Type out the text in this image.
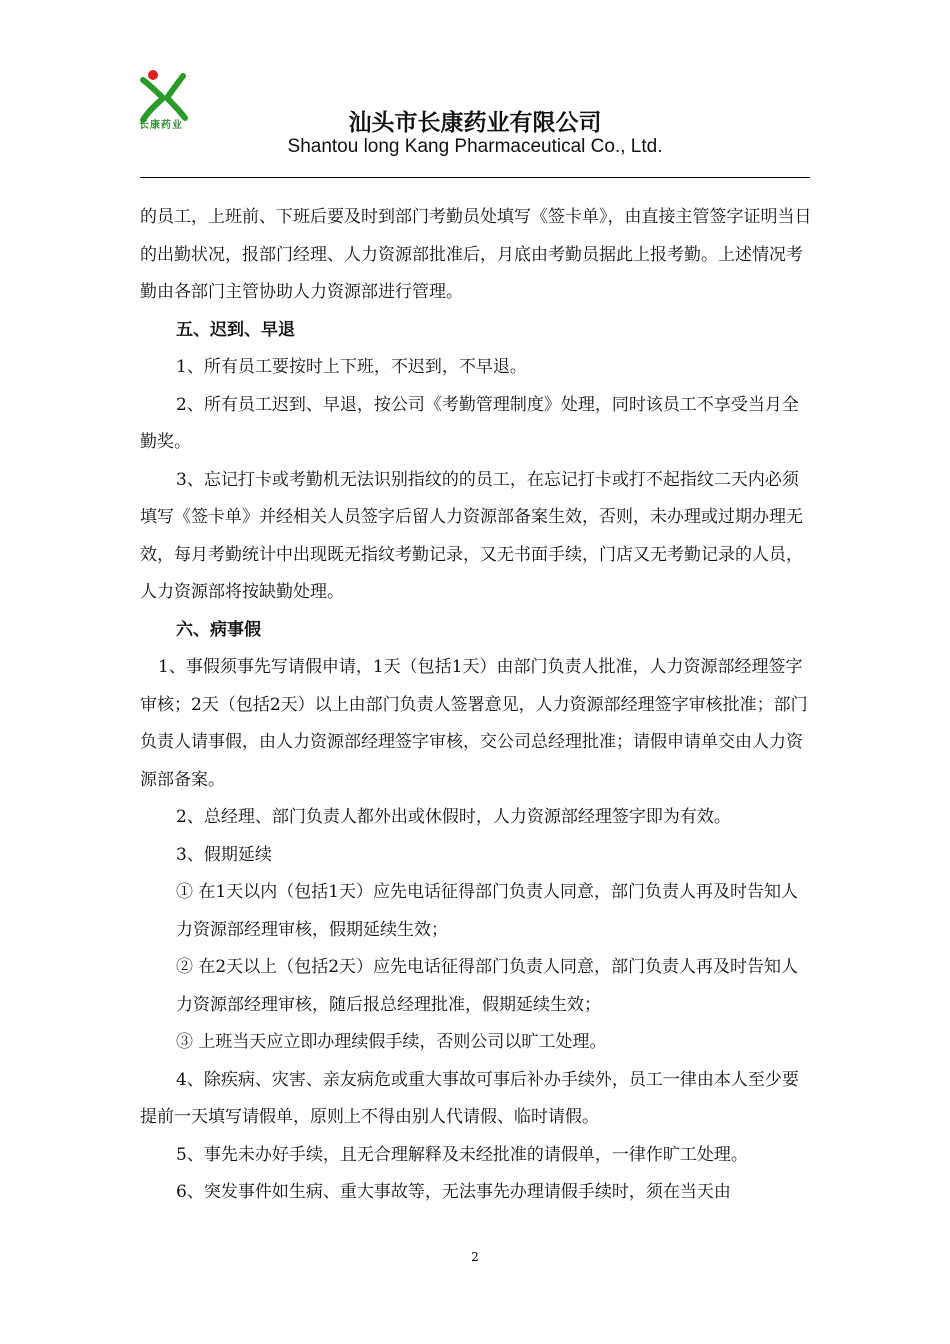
长康药业	汕头市长康药业有限公司
Shantou long Kang Pharmaceutical Co., Ltd.

的员工，上班前、下班后要及时到部门考勤员处填写《签卡单》，由直接主管签字证明当日的出勤状况，报部门经理、人力资源部批准后，月底由考勤员据此上报考勤。上述情况考勤由各部门主管协助人力资源部进行管理。

五、迟到、早退

1、所有员工要按时上下班，不迟到，不早退。

2、所有员工迟到、早退，按公司《考勤管理制度》处理，同时该员工不享受当月全勤奖。

3、忘记打卡或考勤机无法识别指纹的的员工，在忘记打卡或打不起指纹二天内必须填写《签卡单》并经相关人员签字后留人力资源部备案生效，否则，未办理或过期办理无效，每月考勤统计中出现既无指纹考勤记录，又无书面手续，门店又无考勤记录的人员，人力资源部将按缺勤处理。

六、病事假

1、事假须事先写请假申请，1天（包括1天）由部门负责人批准，人力资源部经理签字审核；2天（包括2天）以上由部门负责人签署意见，人力资源部经理签字审核批准；部门负责人请事假，由人力资源部经理签字审核，交公司总经理批准；请假申请单交由人力资源部备案。

2、总经理、部门负责人都外出或休假时，人力资源部经理签字即为有效。

3、假期延续

① 在1天以内（包括1天）应先电话征得部门负责人同意，部门负责人再及时告知人力资源部经理审核，假期延续生效；

② 在2天以上（包括2天）应先电话征得部门负责人同意，部门负责人再及时告知人力资源部经理审核，随后报总经理批准，假期延续生效；

③ 上班当天应立即办理续假手续，否则公司以旷工处理。

4、除疾病、灾害、亲友病危或重大事故可事后补办手续外，员工一律由本人至少要提前一天填写请假单，原则上不得由别人代请假、临时请假。

5、事先未办好手续，且无合理解释及未经批准的请假单，一律作旷工处理。

6、突发事件如生病、重大事故等，无法事先办理请假手续时，须在当天由

2
